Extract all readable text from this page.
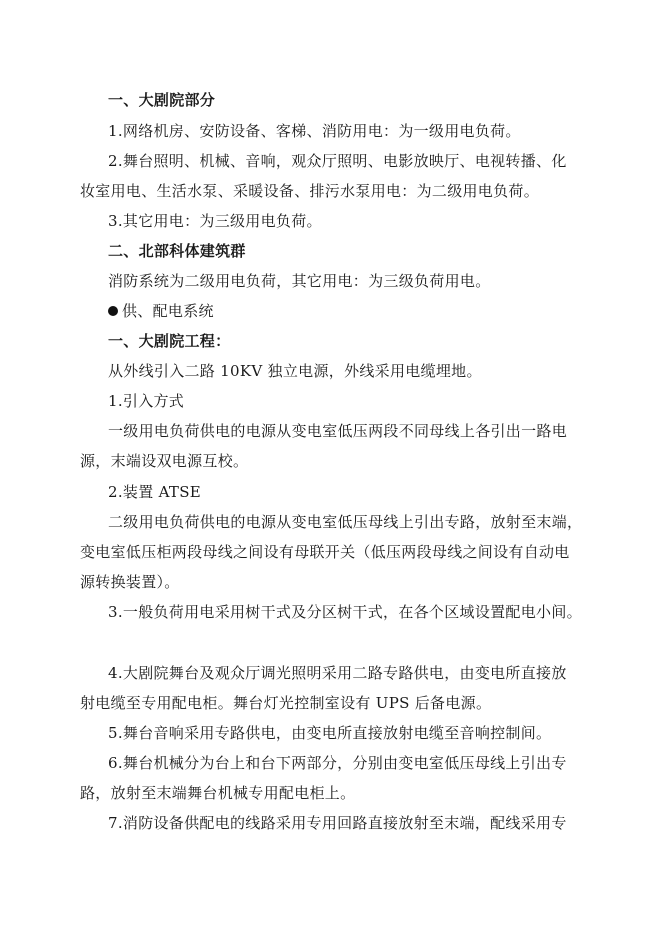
一、大剧院部分
1.网络机房、安防设备、客梯、消防用电：为一级用电负荷。
2.舞台照明、机械、音响，观众厅照明、电影放映厅、电视转播、化
妆室用电、生活水泵、采暖设备、排污水泵用电：为二级用电负荷。
3.其它用电：为三级用电负荷。
二、北部科体建筑群
消防系统为二级用电负荷，其它用电：为三级负荷用电。
供、配电系统
一、大剧院工程：
从外线引入二路 10KV 独立电源，外线采用电缆埋地。
1.引入方式
一级用电负荷供电的电源从变电室低压两段不同母线上各引出一路电
源，末端设双电源互校。
2.装置 ATSE
二级用电负荷供电的电源从变电室低压母线上引出专路，放射至末端，
变电室低压柜两段母线之间设有母联开关（低压两段母线之间设有自动电
源转换装置）。
3.一般负荷用电采用树干式及分区树干式，在各个区域设置配电小间。
4.大剧院舞台及观众厅调光照明采用二路专路供电，由变电所直接放
射电缆至专用配电柜。舞台灯光控制室设有 UPS 后备电源。
5.舞台音响采用专路供电，由变电所直接放射电缆至音响控制间。
6.舞台机械分为台上和台下两部分，分别由变电室低压母线上引出专
路，放射至末端舞台机械专用配电柜上。
7.消防设备供配电的线路采用专用回路直接放射至末端，配线采用专
